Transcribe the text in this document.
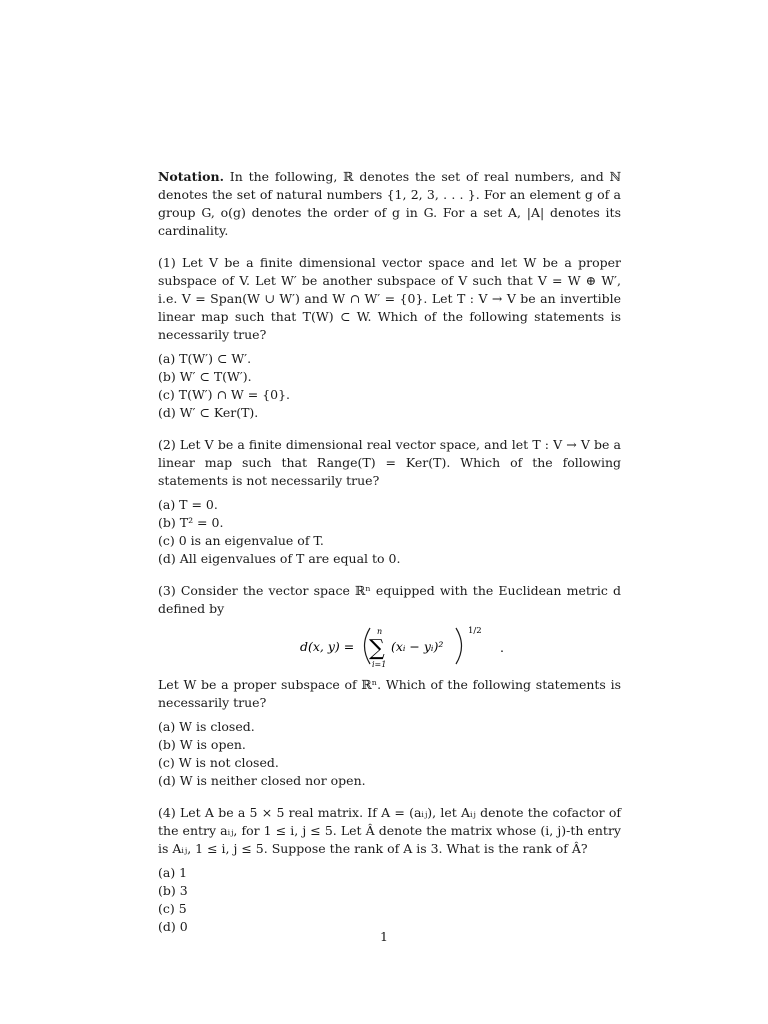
Notation. In the following, ℝ denotes the set of real numbers, and ℕ denotes the set of natural numbers {1, 2, 3, . . . }. For an element g of a group G, o(g) denotes the order of g in G. For a set A, |A| denotes its cardinality.

(1) Let V be a finite dimensional vector space and let W be a proper subspace of V. Let W′ be another subspace of V such that V = W ⊕ W′, i.e. V = Span(W ∪ W′) and W ∩ W′ = {0}. Let T : V → V be an invertible linear map such that T(W) ⊂ W. Which of the following statements is necessarily true?

(a) T(W′) ⊂ W′.
(b) W′ ⊂ T(W′).
(c) T(W′) ∩ W = {0}.
(d) W′ ⊂ Ker(T).

(2) Let V be a finite dimensional real vector space, and let T : V → V be a linear map such that Range(T) = Ker(T). Which of the following statements is not necessarily true?

(a) T = 0.
(b) T² = 0.
(c) 0 is an eigenvalue of T.
(d) All eigenvalues of T are equal to 0.

(3) Consider the vector space ℝⁿ equipped with the Euclidean metric d defined by

d(x, y) =
n
∑
i=1
(xᵢ − yᵢ)²
1/2
.

Let W be a proper subspace of ℝⁿ. Which of the following statements is necessarily true?

(a) W is closed.
(b) W is open.
(c) W is not closed.
(d) W is neither closed nor open.

(4) Let A be a 5 × 5 real matrix. If A = (aᵢⱼ), let Aᵢⱼ denote the cofactor of the entry aᵢⱼ, for 1 ≤ i, j ≤ 5. Let Â denote the matrix whose (i, j)-th entry is Aᵢⱼ, 1 ≤ i, j ≤ 5. Suppose the rank of A is 3. What is the rank of Â?

(a) 1
(b) 3
(c) 5
(d) 0
1
